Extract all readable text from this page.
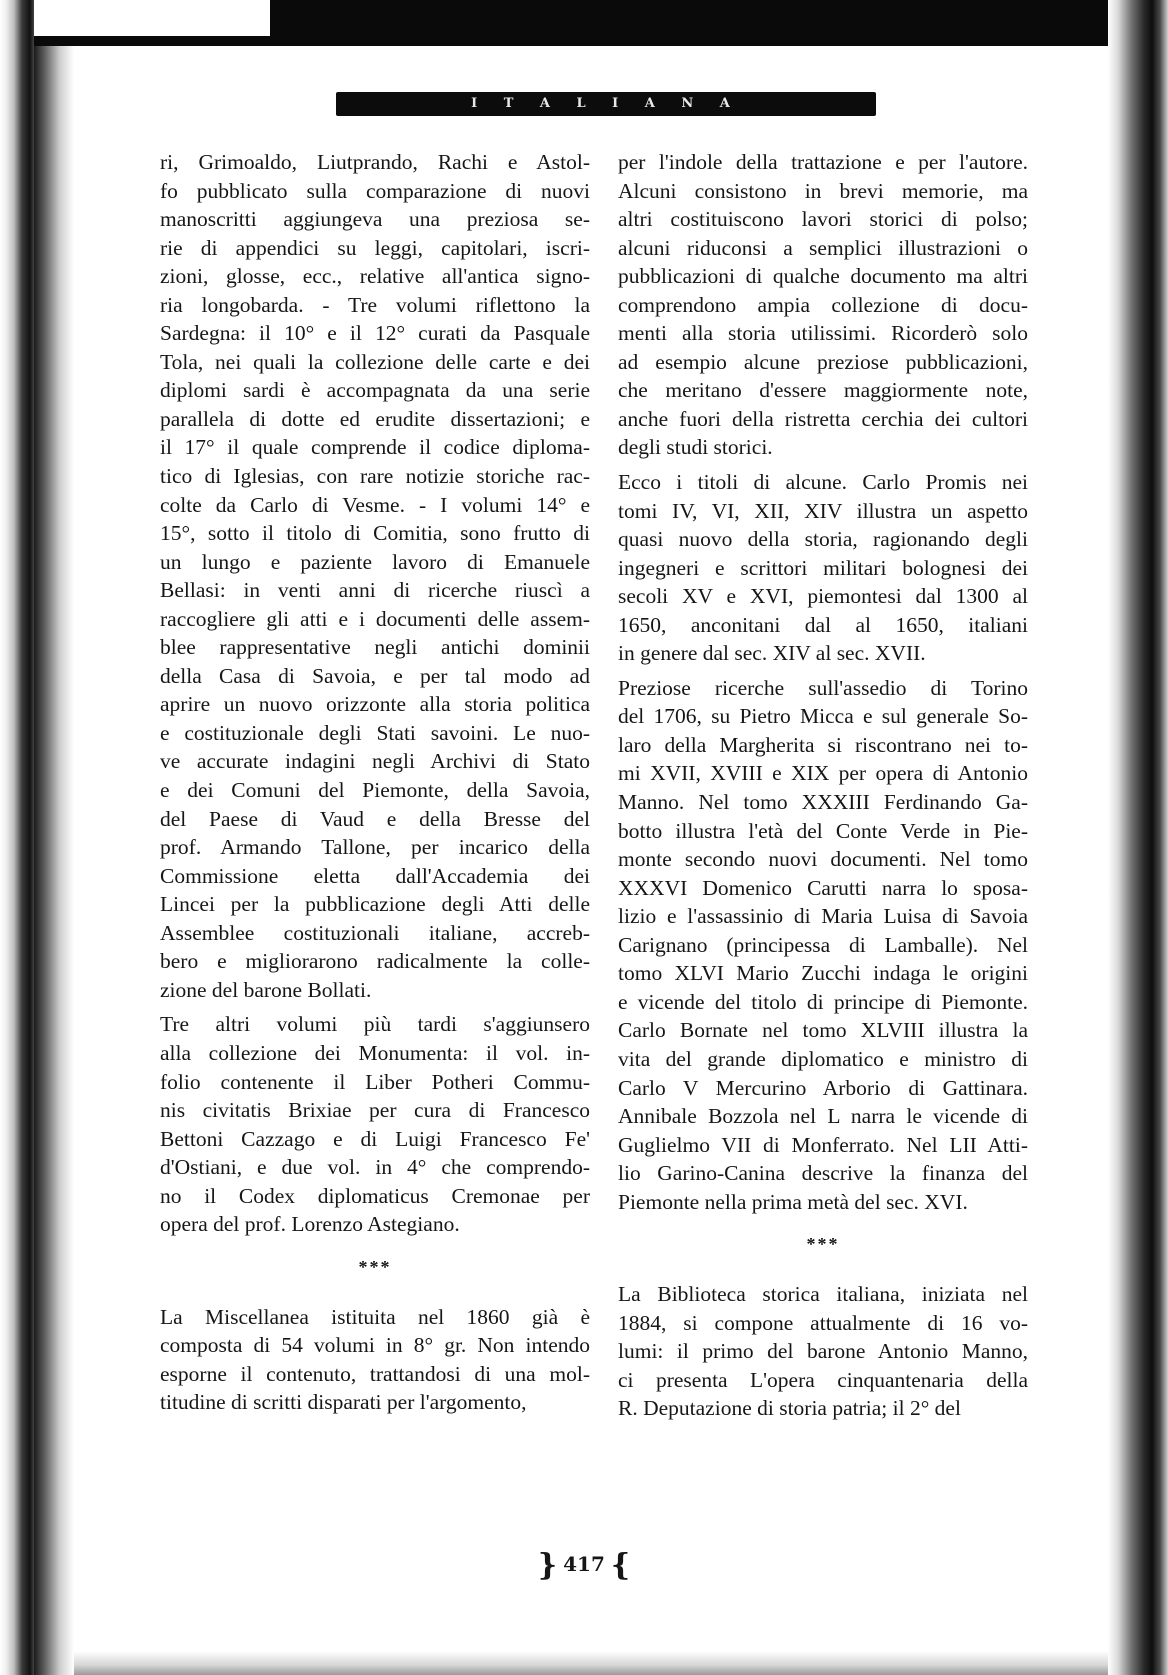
I T A L I A N A
ri, Grimoaldo, Liutprando, Rachi e Astol-
fo pubblicato sulla comparazione di nuovi
manoscritti aggiungeva una preziosa se-
rie di appendici su leggi, capitolari, iscri-
zioni, glosse, ecc., relative all'antica signo-
ria longobarda. - Tre volumi riflettono la
Sardegna: il 10° e il 12° curati da Pasquale
Tola, nei quali la collezione delle carte e dei
diplomi sardi è accompagnata da una serie
parallela di dotte ed erudite dissertazioni; e
il 17° il quale comprende il codice diploma-
tico di Iglesias, con rare notizie storiche rac-
colte da Carlo di Vesme. - I volumi 14° e
15°, sotto il titolo di Comitia, sono frutto di
un lungo e paziente lavoro di Emanuele
Bellasi: in venti anni di ricerche riuscì a
raccogliere gli atti e i documenti delle assem-
blee rappresentative negli antichi dominii
della Casa di Savoia, e per tal modo ad
aprire un nuovo orizzonte alla storia politica
e costituzionale degli Stati savoini. Le nuo-
ve accurate indagini negli Archivi di Stato
e dei Comuni del Piemonte, della Savoia,
del Paese di Vaud e della Bresse del
prof. Armando Tallone, per incarico della
Commissione eletta dall'Accademia dei
Lincei per la pubblicazione degli Atti delle
Assemblee costituzionali italiane, accreb-
bero e migliorarono radicalmente la colle-
zione del barone Bollati.
Tre altri volumi più tardi s'aggiunsero
alla collezione dei Monumenta: il vol. in-
folio contenente il Liber Potheri Commu-
nis civitatis Brixiae per cura di Francesco
Bettoni Cazzago e di Luigi Francesco Fe'
d'Ostiani, e due vol. in 4° che comprendo-
no il Codex diplomaticus Cremonae per
opera del prof. Lorenzo Astegiano.
***
La Miscellanea istituita nel 1860 già è
composta di 54 volumi in 8° gr. Non intendo
esporne il contenuto, trattandosi di una mol-
titudine di scritti disparati per l'argomento,
per l'indole della trattazione e per l'autore.
Alcuni consistono in brevi memorie, ma
altri costituiscono lavori storici di polso;
alcuni riduconsi a semplici illustrazioni o
pubblicazioni di qualche documento ma altri
comprendono ampia collezione di docu-
menti alla storia utilissimi. Ricorderò solo
ad esempio alcune preziose pubblicazioni,
che meritano d'essere maggiormente note,
anche fuori della ristretta cerchia dei cultori
degli studi storici.
Ecco i titoli di alcune. Carlo Promis nei
tomi IV, VI, XII, XIV illustra un aspetto
quasi nuovo della storia, ragionando degli
ingegneri e scrittori militari bolognesi dei
secoli XV e XVI, piemontesi dal 1300 al
1650, anconitani dal al 1650, italiani
in genere dal sec. XIV al sec. XVII.
Preziose ricerche sull'assedio di Torino
del 1706, su Pietro Micca e sul generale So-
laro della Margherita si riscontrano nei to-
mi XVII, XVIII e XIX per opera di Antonio
Manno. Nel tomo XXXIII Ferdinando Ga-
botto illustra l'età del Conte Verde in Pie-
monte secondo nuovi documenti. Nel tomo
XXXVI Domenico Carutti narra lo sposa-
lizio e l'assassinio di Maria Luisa di Savoia
Carignano (principessa di Lamballe). Nel
tomo XLVI Mario Zucchi indaga le origini
e vicende del titolo di principe di Piemonte.
Carlo Bornate nel tomo XLVIII illustra la
vita del grande diplomatico e ministro di
Carlo V Mercurino Arborio di Gattinara.
Annibale Bozzola nel L narra le vicende di
Guglielmo VII di Monferrato. Nel LII Atti-
lio Garino-Canina descrive la finanza del
Piemonte nella prima metà del sec. XVI.
***
La Biblioteca storica italiana, iniziata nel
1884, si compone attualmente di 16 vo-
lumi: il primo del barone Antonio Manno,
ci presenta L'opera cinquantenaria della
R. Deputazione di storia patria; il 2° del
} 417 {
